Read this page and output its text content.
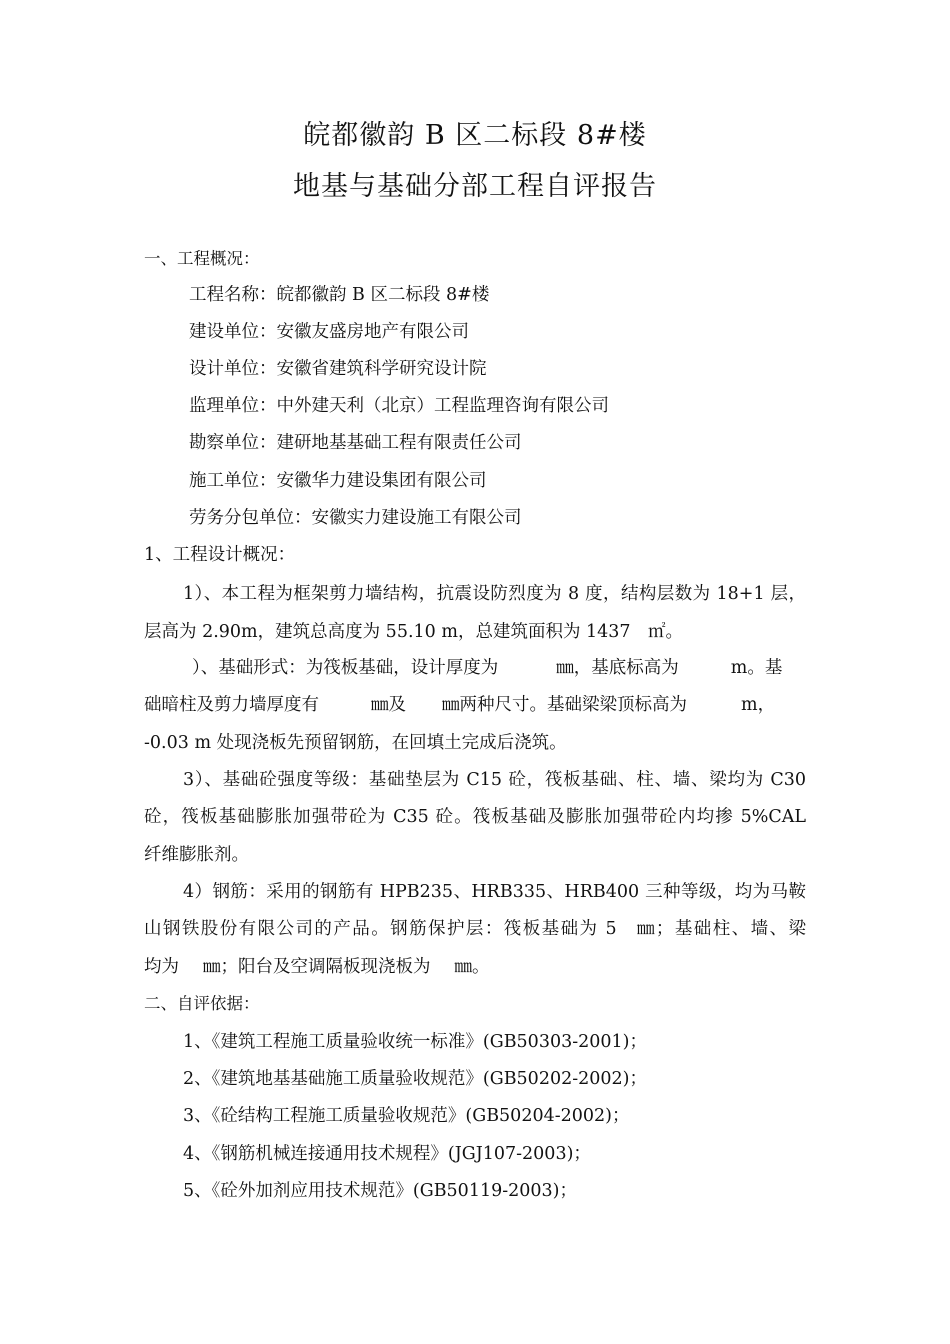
皖都徽韵 B 区二标段 8#楼
地基与基础分部工程自评报告
一、工程概况：
工程名称：皖都徽韵 B 区二标段 8#楼
建设单位：安徽友盛房地产有限公司
设计单位：安徽省建筑科学研究设计院
监理单位：中外建天利（北京）工程监理咨询有限公司
勘察单位：建研地基基础工程有限责任公司
施工单位：安徽华力建设集团有限公司
劳务分包单位：安徽实力建设施工有限公司
1、工程设计概况：
1）、本工程为框架剪力墙结构，抗震设防烈度为 8 度，结构层数为 18+1 层，
层高为 2.90m，建筑总高度为 55.10 m，总建筑面积为 1437　㎡。
）、基础形式：为筏板基础，设计厚度为	㎜，基底标高为	m。基
础暗柱及剪力墙厚度有	㎜及 ㎜两种尺寸。基础梁梁顶标高为	m，
-0.03 m 处现浇板先预留钢筋，在回填土完成后浇筑。
3）、基础砼强度等级：基础垫层为 C15 砼，筏板基础、柱、墙、梁均为 C30
砼，筏板基础膨胀加强带砼为 C35 砼。筏板基础及膨胀加强带砼内均掺 5%CAL
纤维膨胀剂。
4）钢筋：采用的钢筋有 HPB235、HRB335、HRB400 三种等级，均为马鞍
山钢铁股份有限公司的产品。钢筋保护层：筏板基础为 5　㎜；基础柱、墙、梁
均为 ㎜；阳台及空调隔板现浇板为 ㎜。
二、自评依据：
1、《建筑工程施工质量验收统一标准》(GB50303-2001)；
2、《建筑地基基础施工质量验收规范》(GB50202-2002)；
3、《砼结构工程施工质量验收规范》(GB50204-2002)；
4、《钢筋机械连接通用技术规程》(JGJ107-2003)；
5、《砼外加剂应用技术规范》(GB50119-2003)；
